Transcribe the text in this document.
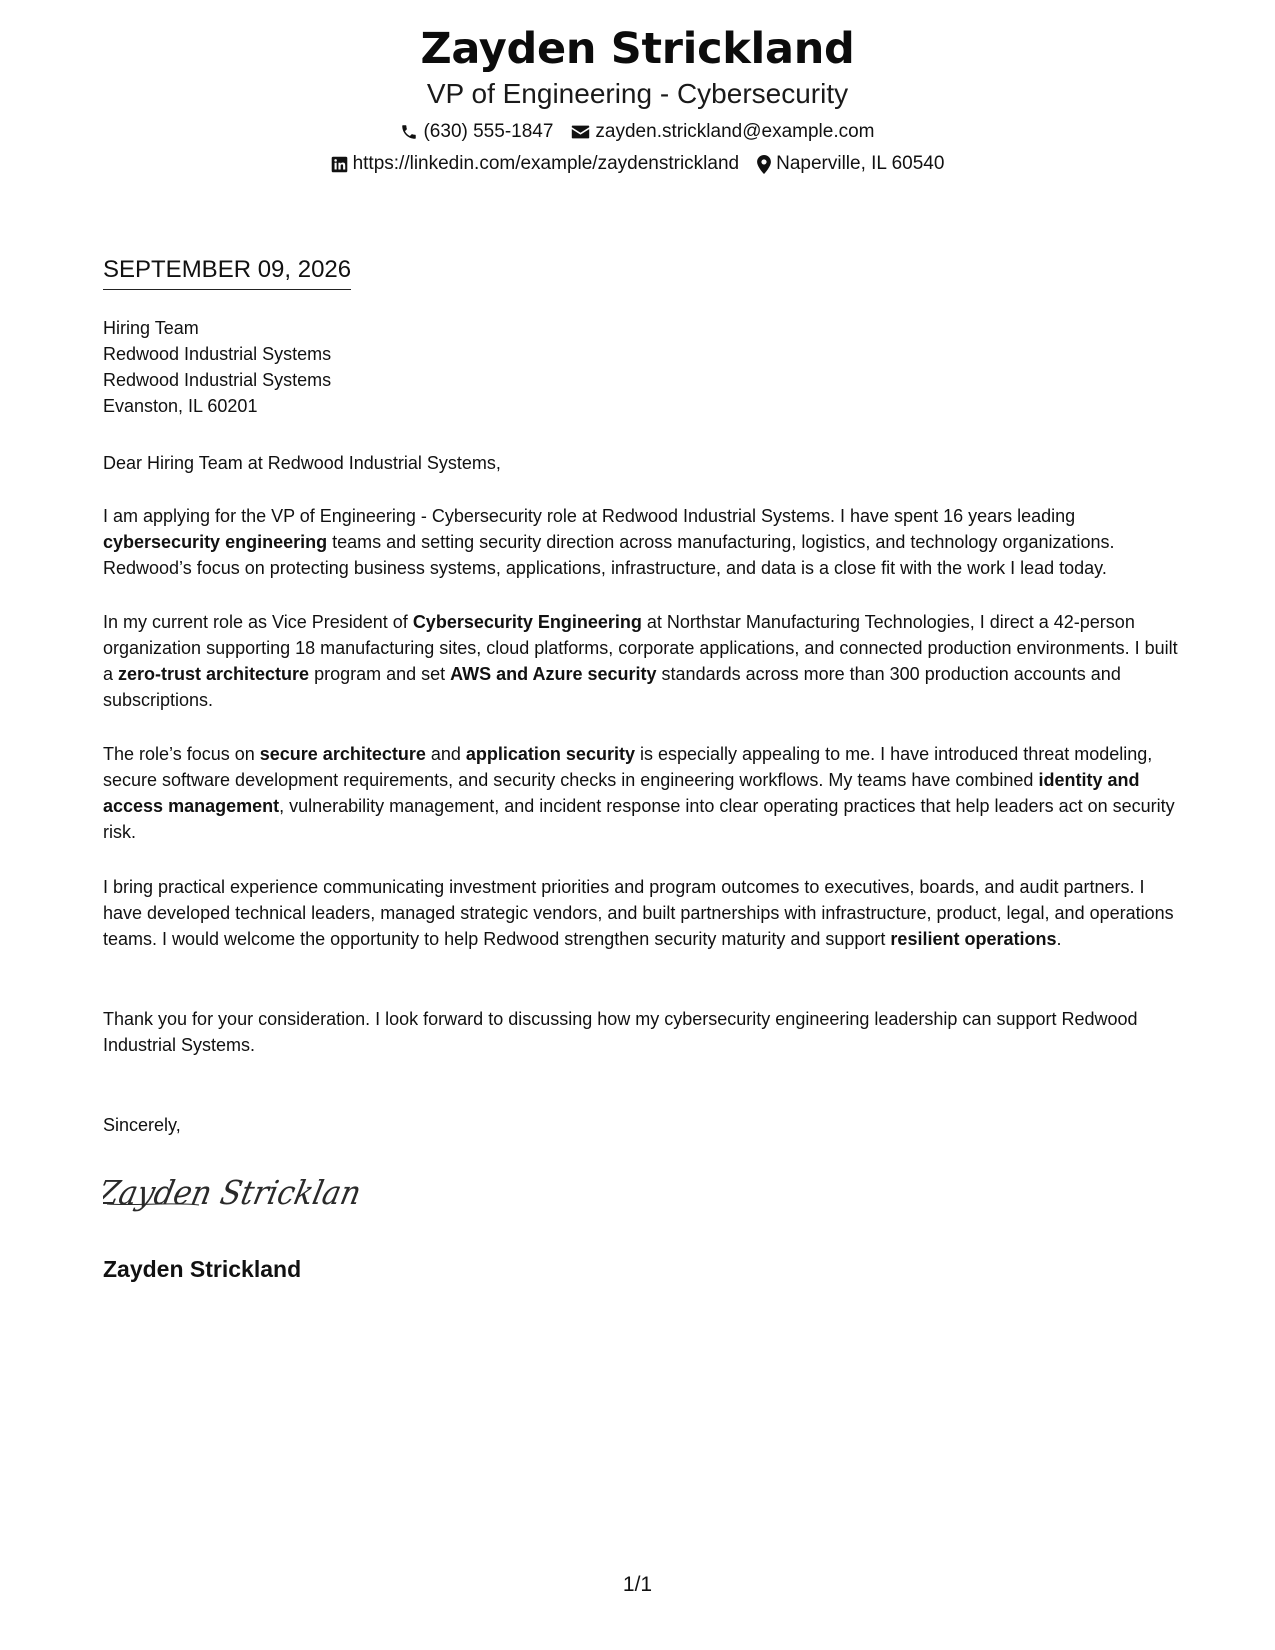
Zayden Strickland
VP of Engineering - Cybersecurity
(630) 555-1847 zayden.strickland@example.com
https://linkedin.com/example/zaydenstrickland Naperville, IL 60540
SEPTEMBER 09, 2026
Hiring Team
Redwood Industrial Systems
Redwood Industrial Systems
Evanston, IL 60201
Dear Hiring Team at Redwood Industrial Systems,

I am applying for the VP of Engineering - Cybersecurity role at Redwood Industrial Systems. I have spent 16 years leading cybersecurity engineering teams and setting security direction across manufacturing, logistics, and technology organizations. Redwood’s focus on protecting business systems, applications, infrastructure, and data is a close fit with the work I lead today.

In my current role as Vice President of Cybersecurity Engineering at Northstar Manufacturing Technologies, I direct a 42-person organization supporting 18 manufacturing sites, cloud platforms, corporate applications, and connected production environments. I built a zero-trust architecture program and set AWS and Azure security standards across more than 300 production accounts and subscriptions.

The role’s focus on secure architecture and application security is especially appealing to me. I have introduced threat modeling, secure software development requirements, and security checks in engineering workflows. My teams have combined identity and access management, vulnerability management, and incident response into clear operating practices that help leaders act on security risk.

I bring practical experience communicating investment priorities and program outcomes to executives, boards, and audit partners. I have developed technical leaders, managed strategic vendors, and built partnerships with infrastructure, product, legal, and operations teams. I would welcome the opportunity to help Redwood strengthen security maturity and support resilient operations.

Thank you for your consideration. I look forward to discussing how my cybersecurity engineering leadership can support Redwood Industrial Systems.

Sincerely,
Zayden Stricklan
Zayden Strickland
1/1
